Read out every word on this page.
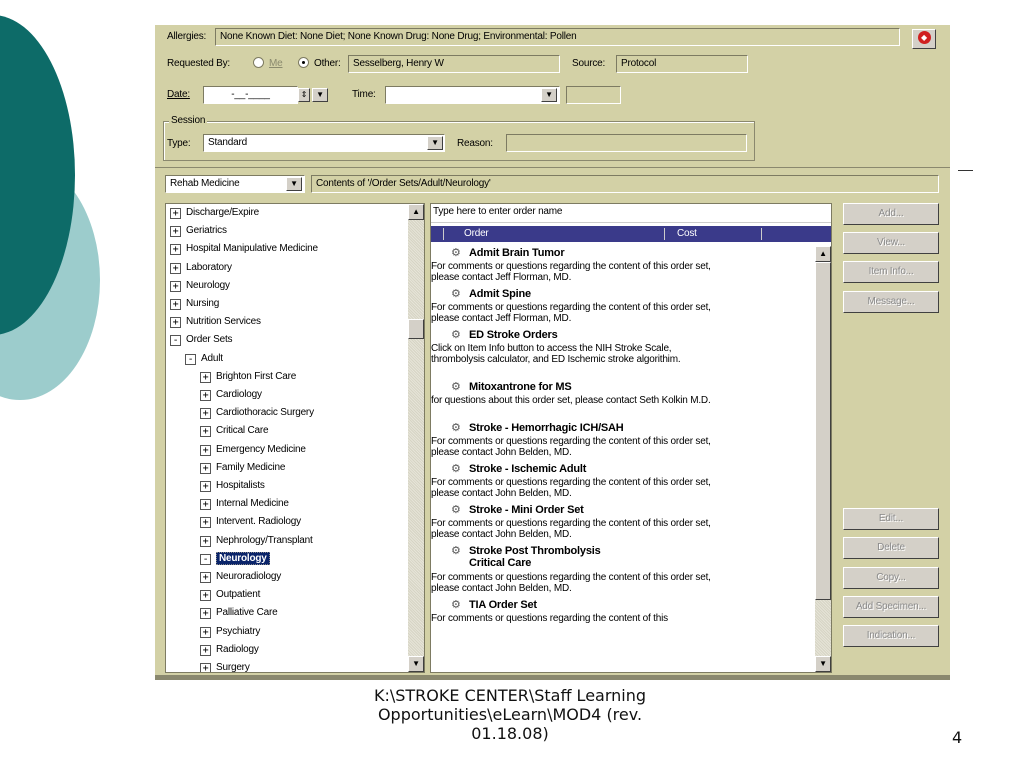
Allergies:	None Known Diet: None Diet; None Known Drug: None Drug; Environmental: Pollen	◆
Requested By:	Me	Other:	Sesselberg, Henry W	Source:	Protocol
Date:	-__-____	⇕	▼	Time:	▼
Session
Type:	Standard	▼	Reason:
Rehab Medicine	▼	Contents of '/Order Sets/Adult/Neurology'
+ Discharge/Expire
+ Geriatrics
+ Hospital Manipulative Medicine
+ Laboratory
+ Neurology
+ Nursing
+ Nutrition Services
- Order Sets
- Adult
+ Brighton First Care
+ Cardiology
+ Cardiothoracic Surgery
+ Critical Care
+ Emergency Medicine
+ Family Medicine
+ Hospitalists
+ Internal Medicine
+ Intervent. Radiology
+ Nephrology/Transplant
- Neurology
+ Neuroradiology
+ Outpatient
+ Palliative Care
+ Psychiatry
+ Radiology
+ Surgery
▲
▼
Type here to enter order name
Order	Cost
⚙ Admit Brain Tumor
For comments or questions regarding the content of this order set, please contact Jeff Florman, MD.
⚙ Admit Spine
For comments or questions regarding the content of this order set, please contact Jeff Florman, MD.
⚙ ED Stroke Orders
Click on Item Info button to access the NIH Stroke Scale, thrombolysis calculator, and ED Ischemic stroke algorithim.
⚙ Mitoxantrone for MS
for questions about this order set, please contact Seth Kolkin M.D.
⚙ Stroke - Hemorrhagic ICH/SAH
For comments or questions regarding the content of this order set, please contact John Belden, MD.
⚙ Stroke - Ischemic Adult
For comments or questions regarding the content of this order set, please contact John Belden, MD.
⚙ Stroke - Mini Order Set
For comments or questions regarding the content of this order set, please contact John Belden, MD.
⚙ Stroke Post Thrombolysis
Critical Care
For comments or questions regarding the content of this order set, please contact John Belden, MD.
⚙ TIA Order Set
For comments or questions regarding the content of this
▲
▼
Add...
View...
Item Info...
Message...
Edit...
Delete
Copy...
Add Specimen...
Indication...
K:\STROKE CENTER\Staff Learning
Opportunities\eLearn\MOD4 (rev.
01.18.08)	4
